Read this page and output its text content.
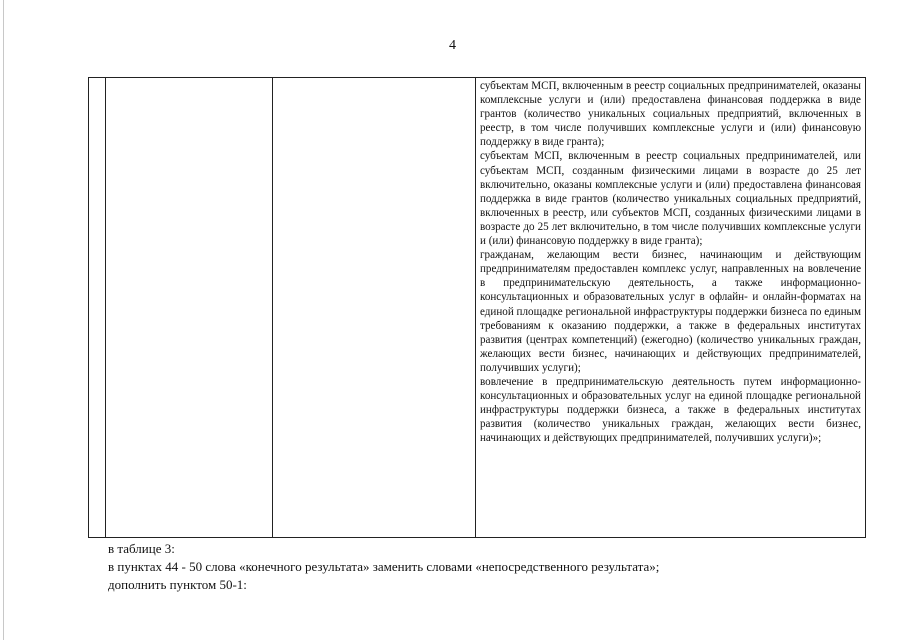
4

субъектам МСП, включенным в реестр социальных предпринимателей, оказаны комплексные услуги и (или) предоставлена финансовая поддержка в виде грантов (количество уникальных социальных предприятий, включенных в реестр, в том числе получивших комплексные услуги и (или) финансовую поддержку в виде гранта);

субъектам МСП, включенным в реестр социальных предпринимателей, или субъектам МСП, созданным физическими лицами в возрасте до 25 лет включительно, оказаны комплексные услуги и (или) предоставлена финансовая поддержка в виде грантов (количество уникальных социальных предприятий, включенных в реестр, или субъектов МСП, созданных физическими лицами в возрасте до 25 лет включительно, в том числе получивших комплексные услуги и (или) финансовую поддержку в виде гранта);

гражданам, желающим вести бизнес, начинающим и действующим предпринимателям предоставлен комплекс услуг, направленных на вовлечение в предпринимательскую деятельность, а также информационно-консультационных и образовательных услуг в офлайн- и онлайн-форматах на единой площадке региональной инфраструктуры поддержки бизнеса по единым требованиям к оказанию поддержки, а также в федеральных институтах развития (центрах компетенций) (ежегодно) (количество уникальных граждан, желающих вести бизнес, начинающих и действующих предпринимателей, получивших услуги);

вовлечение в предпринимательскую деятельность путем информационно-консультационных и образовательных услуг на единой площадке региональной инфраструктуры поддержки бизнеса, а также в федеральных институтах развития (количество уникальных граждан, желающих вести бизнес, начинающих и действующих предпринимателей, получивших услуги)»;

в таблице 3:
в пунктах 44 - 50 слова «конечного результата» заменить словами «непосредственного результата»;
дополнить пунктом 50-1:
